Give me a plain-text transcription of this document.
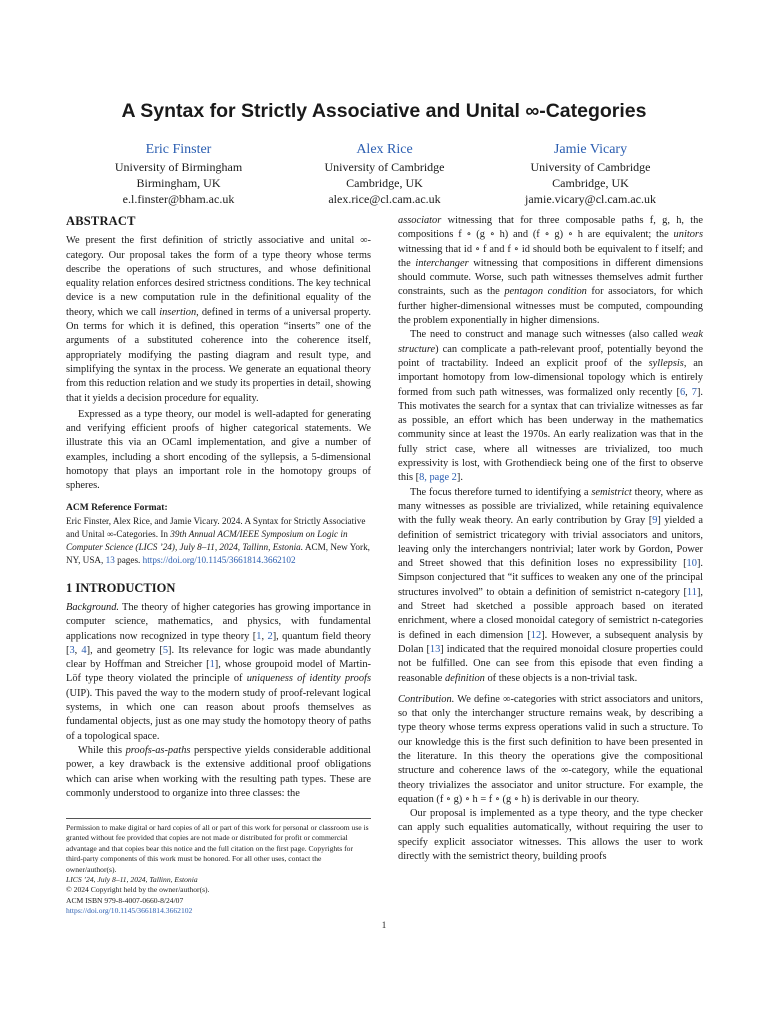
A Syntax for Strictly Associative and Unital ∞-Categories
Eric Finster
University of Birmingham
Birmingham, UK
e.l.finster@bham.ac.uk
Alex Rice
University of Cambridge
Cambridge, UK
alex.rice@cl.cam.ac.uk
Jamie Vicary
University of Cambridge
Cambridge, UK
jamie.vicary@cl.cam.ac.uk
ABSTRACT

We present the first definition of strictly associative and unital ∞-category. Our proposal takes the form of a type theory whose terms describe the operations of such structures, and whose definitional equality relation enforces desired strictness conditions. The key technical device is a new computation rule in the definitional equality of the theory, which we call insertion, defined in terms of a universal property. On terms for which it is defined, this operation “inserts” one of the arguments of a substituted coherence into the coherence itself, appropriately modifying the pasting diagram and result type, and simplifying the syntax in the process. We generate an equational theory from this reduction relation and we study its properties in detail, showing that it yields a decision procedure for equality.

Expressed as a type theory, our model is well-adapted for generating and verifying efficient proofs of higher categorical statements. We illustrate this via an OCaml implementation, and give a number of examples, including a short encoding of the syllepsis, a 5-dimensional homotopy that plays an important role in the homotopy groups of spheres.

ACM Reference Format:
Eric Finster, Alex Rice, and Jamie Vicary. 2024. A Syntax for Strictly Associative and Unital ∞-Categories. In 39th Annual ACM/IEEE Symposium on Logic in Computer Science (LICS ’24), July 8–11, 2024, Tallinn, Estonia. ACM, New York, NY, USA, 13 pages. https://doi.org/10.1145/3661814.3662102
1 INTRODUCTION

Background. The theory of higher categories has growing importance in computer science, mathematics, and physics, with fundamental applications now recognized in type theory [1, 2], quantum field theory [3, 4], and geometry [5]. Its relevance for logic was made abundantly clear by Hoffman and Streicher [1], whose groupoid model of Martin-Löf type theory violated the principle of uniqueness of identity proofs (UIP). This paved the way to the modern study of proof-relevant logical systems, in which one can reason about proofs themselves as fundamental objects, just as one may study the homotopy theory of paths of a topological space.

While this proofs-as-paths perspective yields considerable additional power, a key drawback is the extensive additional proof obligations which can arise when working with the resulting path types. These are commonly understood to organize into three classes: the

Permission to make digital or hard copies of all or part of this work for personal or classroom use is granted without fee provided that copies are not made or distributed for profit or commercial advantage and that copies bear this notice and the full citation on the first page. Copyrights for third-party components of this work must be honored. For all other uses, contact the owner/author(s).
LICS ’24, July 8–11, 2024, Tallinn, Estonia
© 2024 Copyright held by the owner/author(s).
ACM ISBN 979-8-4007-0660-8/24/07
https://doi.org/10.1145/3661814.3662102

associator witnessing that for three composable paths f, g, h, the compositions f ∘ (g ∘ h) and (f ∘ g) ∘ h are equivalent; the unitors witnessing that id ∘ f and f ∘ id should both be equivalent to f itself; and the interchanger witnessing that compositions in different dimensions should commute. Worse, such path witnesses themselves admit further constraints, such as the pentagon condition for associators, for which further higher-dimensional witnesses must be computed, compounding the problem exponentially in higher dimensions.

The need to construct and manage such witnesses (also called weak structure) can complicate a path-relevant proof, potentially beyond the point of tractability. Indeed an explicit proof of the syllepsis, an important homotopy from low-dimensional topology which is entirely formed from such path witnesses, was formalized only recently [6, 7]. This motivates the search for a syntax that can trivialize witnesses as far as possible, an effort which has been underway in the mathematics community since at least the 1970s. An early realization was that in the fully strict case, where all witnesses are trivialized, too much expressivity is lost, with Grothendieck being one of the first to observe this [8, page 2].

The focus therefore turned to identifying a semistrict theory, where as many witnesses as possible are trivialized, while retaining equivalence with the fully weak theory. An early contribution by Gray [9] yielded a definition of semistrict tricategory with trivial associators and unitors, leaving only the interchangers nontrivial; later work by Gordon, Power and Street showed that this definition loses no expressibility [10]. Simpson conjectured that “it suffices to weaken any one of the principal structures involved” to obtain a definition of semistrict n-category [11], and Street had sketched a possible approach based on iterated enrichment, where a closed monoidal category of semistrict n-categories is defined in each dimension [12]. However, a subsequent analysis by Dolan [13] indicated that the required monoidal closure properties could not be fulfilled. One can see from this episode that even finding a reasonable definition of these objects is a non-trivial task.

Contribution. We define ∞-categories with strict associators and unitors, so that only the interchanger structure remains weak, by describing a type theory whose terms express operations valid in such a structure. To our knowledge this is the first such definition to have been presented in the literature. In this theory the operations give the compositional structure and coherence laws of the ∞-category, while the equational theory trivializes the associator and unitor structure. For example, the equation (f ∘ g) ∘ h = f ∘ (g ∘ h) is derivable in our theory.

Our proposal is implemented as a type theory, and the type checker can apply such equalities automatically, without requiring the user to specify explicit associator witnesses. This allows the user to work directly with the semistrict theory, building proofs

1
